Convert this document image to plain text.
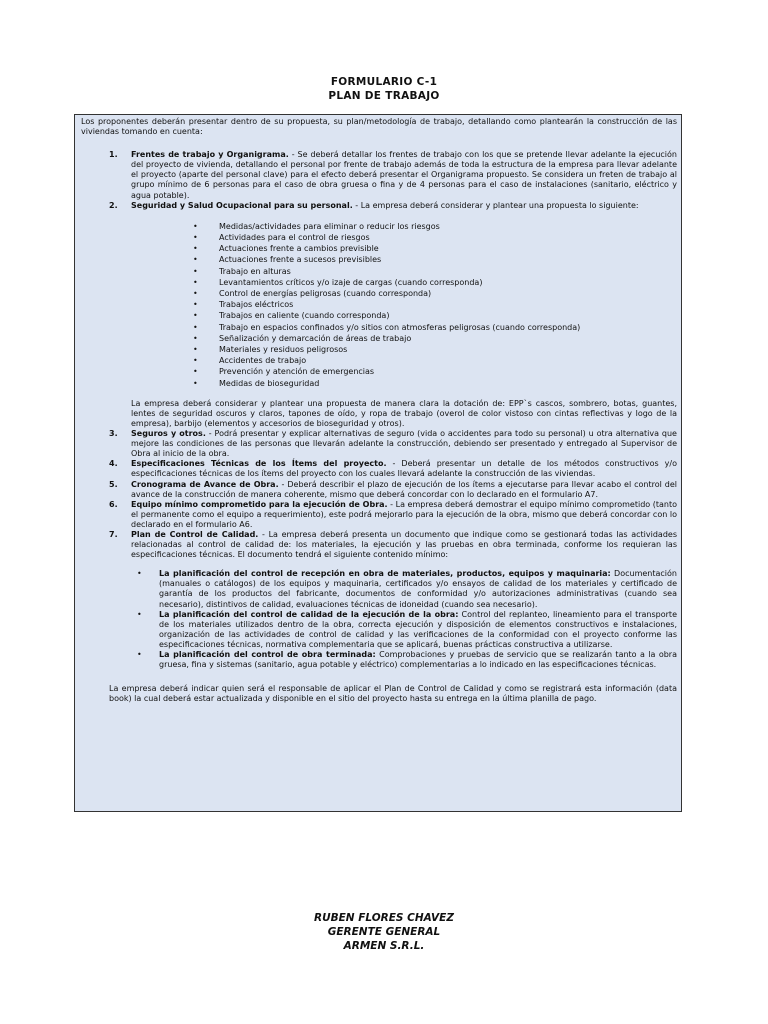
FORMULARIO C-1
PLAN DE TRABAJO
Los proponentes deberán presentar dentro de su propuesta, su plan/metodología de trabajo, detallando como plantearán la construcción de las viviendas tomando en cuenta:
1. Frentes de trabajo y Organigrama. - Se deberá detallar los frentes de trabajo con los que se pretende llevar adelante la ejecución del proyecto de vivienda, detallando el personal por frente de trabajo además de toda la estructura de la empresa para llevar adelante el proyecto (aparte del personal clave) para el efecto deberá presentar el Organigrama propuesto. Se considera un freten de trabajo al grupo mínimo de 6 personas para el caso de obra gruesa o fina y de 4 personas para el caso de instalaciones (sanitario, eléctrico y agua potable).
2. Seguridad y Salud Ocupacional para su personal. - La empresa deberá considerar y plantear una propuesta lo siguiente:
• Medidas/actividades para eliminar o reducir los riesgos
• Actividades para el control de riesgos
• Actuaciones frente a cambios previsible
• Actuaciones frente a sucesos previsibles
• Trabajo en alturas
• Levantamientos críticos y/o izaje de cargas (cuando corresponda)
• Control de energías peligrosas (cuando corresponda)
• Trabajos eléctricos
• Trabajos en caliente (cuando corresponda)
• Trabajo en espacios confinados y/o sitios con atmosferas peligrosas (cuando corresponda)
• Señalización y demarcación de áreas de trabajo
• Materiales y residuos peligrosos
• Accidentes de trabajo
• Prevención y atención de emergencias
• Medidas de bioseguridad
La empresa deberá considerar y plantear una propuesta de manera clara la dotación de: EPP`s cascos, sombrero, botas, guantes, lentes de seguridad oscuros y claros, tapones de oído, y ropa de trabajo (overol de color vistoso con cintas reflectivas y logo de la empresa), barbijo (elementos y accesorios de bioseguridad y otros).
3. Seguros y otros. - Podrá presentar y explicar alternativas de seguro (vida o accidentes para todo su personal) u otra alternativa que mejore las condiciones de las personas que llevarán adelante la construcción, debiendo ser presentado y entregado al Supervisor de Obra al inicio de la obra.
4. Especificaciones Técnicas de los Ítems del proyecto. - Deberá presentar un detalle de los métodos constructivos y/o especificaciones técnicas de los ítems del proyecto con los cuales llevará adelante la construcción de las viviendas.
5. Cronograma de Avance de Obra. - Deberá describir el plazo de ejecución de los ítems a ejecutarse para llevar acabo el control del avance de la construcción de manera coherente, mismo que deberá concordar con lo declarado en el formulario A7.
6. Equipo mínimo comprometido para la ejecución de Obra. - La empresa deberá demostrar el equipo mínimo comprometido (tanto el permanente como el equipo a requerimiento), este podrá mejorarlo para la ejecución de la obra, mismo que deberá concordar con lo declarado en el formulario A6.
7. Plan de Control de Calidad. - La empresa deberá presenta un documento que indique como se gestionará todas las actividades relacionadas al control de calidad de: los materiales, la ejecución y las pruebas en obra terminada, conforme los requieran las especificaciones técnicas. El documento tendrá el siguiente contenido mínimo:
• La planificación del control de recepción en obra de materiales, productos, equipos y maquinaria: Documentación (manuales o catálogos) de los equipos y maquinaria, certificados y/o ensayos de calidad de los materiales y certificado de garantía de los productos del fabricante, documentos de conformidad y/o autorizaciones administrativas (cuando sea necesario), distintivos de calidad, evaluaciones técnicas de idoneidad (cuando sea necesario).
• La planificación del control de calidad de la ejecución de la obra: Control del replanteo, lineamiento para el transporte de los materiales utilizados dentro de la obra, correcta ejecución y disposición de elementos constructivos e instalaciones, organización de las actividades de control de calidad y las verificaciones de la conformidad con el proyecto conforme las especificaciones técnicas, normativa complementaria que se aplicará, buenas prácticas constructiva a utilizarse.
• La planificación del control de obra terminada: Comprobaciones y pruebas de servicio que se realizarán tanto a la obra gruesa, fina y sistemas (sanitario, agua potable y eléctrico) complementarias a lo indicado en las especificaciones técnicas.
La empresa deberá indicar quien será el responsable de aplicar el Plan de Control de Calidad y como se registrará esta información (data book) la cual deberá estar actualizada y disponible en el sitio del proyecto hasta su entrega en la última planilla de pago.
RUBEN FLORES CHAVEZ
GERENTE GENERAL
ARMEN S.R.L.
